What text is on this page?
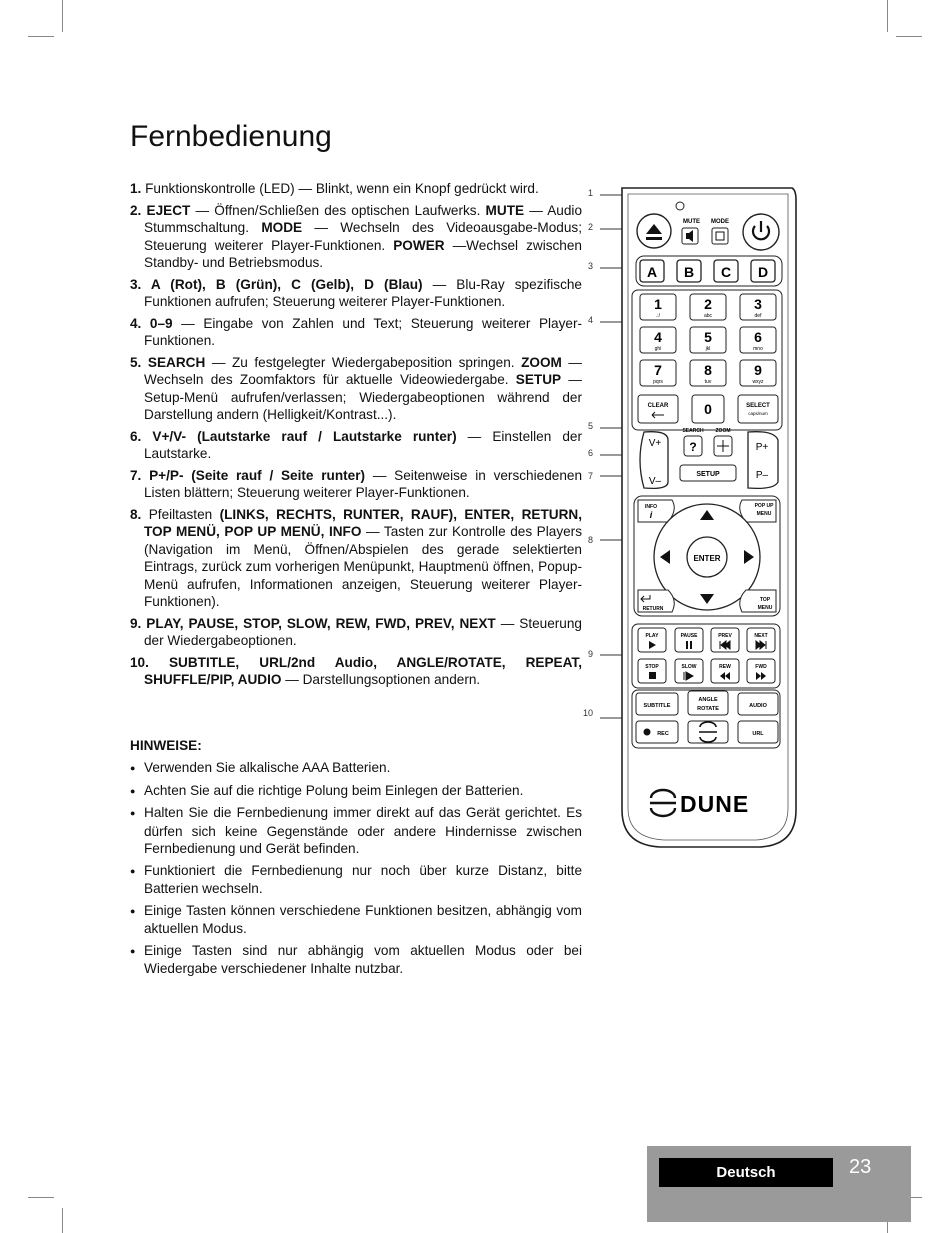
Fernbedienung
1. Funktionskontrolle (LED) — Blinkt, wenn ein Knopf gedrückt wird.
2. EJECT — Öffnen/Schließen des optischen Laufwerks. MUTE — Audio Stummschaltung. MODE — Wechseln des Videoausgabe-Modus; Steuerung weiterer Player-Funktionen. POWER —Wechsel zwischen Standby- und Betriebsmodus.
3. A (Rot), B (Grün), C (Gelb), D (Blau) — Blu-Ray spezifische Funktionen aufrufen; Steuerung weiterer Player-Funktionen.
4. 0–9 — Eingabe von Zahlen und Text; Steuerung weiterer Player-Funktionen.
5. SEARCH — Zu festgelegter Wiedergabeposition springen. ZOOM — Wechseln des Zoomfaktors für aktuelle Videowiedergabe. SETUP — Setup-Menü aufrufen/verlassen; Wiedergabeoptionen während der Darstellung andern (Helligkeit/Kontrast...).
6. V+/V- (Lautstarke rauf / Lautstarke runter) — Einstellen der Lautstarke.
7. P+/P- (Seite rauf / Seite runter) — Seitenweise in verschiedenen Listen blättern; Steuerung weiterer Player-Funktionen.
8. Pfeiltasten (LINKS, RECHTS, RUNTER, RAUF), ENTER, RETURN, TOP MENÜ, POP UP MENÜ, INFO — Tasten zur Kontrolle des Players (Navigation im Menü, Öffnen/Abspielen des gerade selektierten Eintrags, zurück zum vorherigen Menüpunkt, Hauptmenü öffnen, Popup-Menü aufrufen, Informationen anzeigen, Steuerung weiterer Player-Funktionen).
9. PLAY, PAUSE, STOP, SLOW, REW, FWD, PREV, NEXT — Steuerung der Wiedergabeoptionen.
10. SUBTITLE, URL/2nd Audio, ANGLE/ROTATE, REPEAT, SHUFFLE/PIP, AUDIO — Darstellungsoptionen andern.
HINWEISE:
● Verwenden Sie alkalische AAA Batterien.
● Achten Sie auf die richtige Polung beim Einlegen der Batterien.
● Halten Sie die Fernbedienung immer direkt auf das Gerät gerichtet. Es dürfen sich keine Gegenstände oder andere Hindernisse zwischen Fernbedienung und Gerät befinden.
● Funktioniert die Fernbedienung nur noch über kurze Distanz, bitte Batterien wechseln.
● Einige Tasten können verschiedene Funktionen besitzen, abhängig vom aktuellen Modus.
● Einige Tasten sind nur abhängig vom aktuellen Modus oder bei Wiedergabe verschiedener Inhalte nutzbar.
1
2
3
4
5
6
7
8
9
10
MUTE MODE
A B C D
1
.:/
2
abc
3
def
4
ghi
5
jkl
6
mno
7
pqrs
8
tuv
9
wxyz
CLEAR	0	SELECT
caps/num
SEARCH ZOOM
V+
V–
?
SETUP
P+
P–
INFO
i
POP UP
MENU
ENTER
RETURN
TOP
MENU
PLAY	PAUSE	PREV	NEXT
STOP	SLOW	REW	FWD
SUBTITLE
ANGLE
ROTATE	AUDIO
REC	URL
DUNE
Deutsch	23
